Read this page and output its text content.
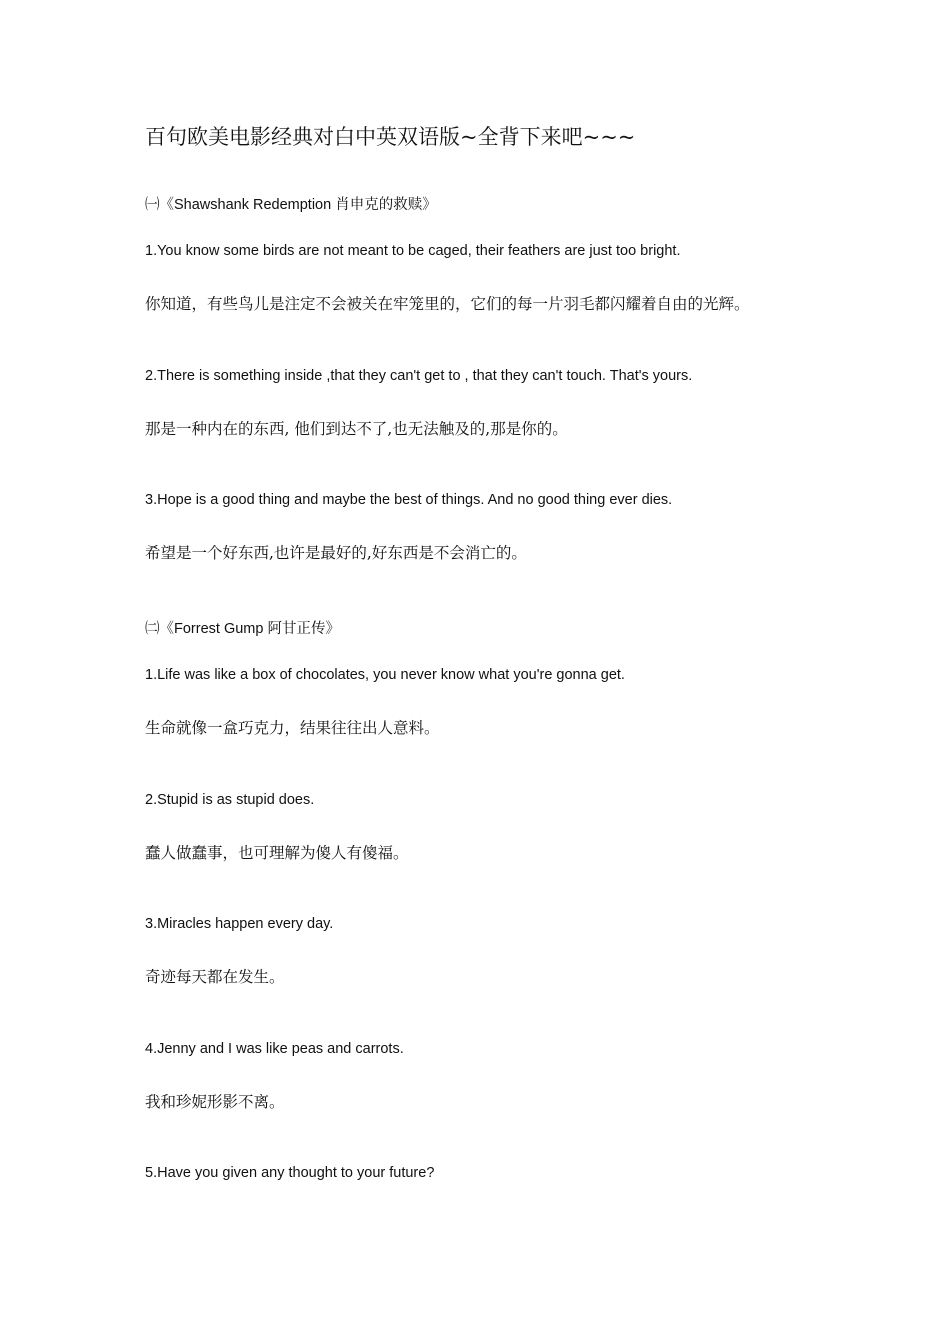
百句欧美电影经典对白中英双语版~全背下来吧~~~

㈠《Shawshank Redemption 肖申克的救赎》

1.You know some birds are not meant to be caged, their feathers are just too bright.

你知道，有些鸟儿是注定不会被关在牢笼里的，它们的每一片羽毛都闪耀着自由的光辉。

2.There is something inside ,that they can't get to , that they can't touch. That's yours.

那是一种内在的东西, 他们到达不了,也无法触及的,那是你的。

3.Hope is a good thing and maybe the best of things. And no good thing ever dies.

希望是一个好东西,也许是最好的,好东西是不会消亡的。

㈡《Forrest Gump 阿甘正传》

1.Life was like a box of chocolates, you never know what you're gonna get.

生命就像一盒巧克力，结果往往出人意料。

2.Stupid is as stupid does.

蠢人做蠢事，也可理解为傻人有傻福。

3.Miracles happen every day.

奇迹每天都在发生。

4.Jenny and I was like peas and carrots.

我和珍妮形影不离。

5.Have you given any thought to your future?
